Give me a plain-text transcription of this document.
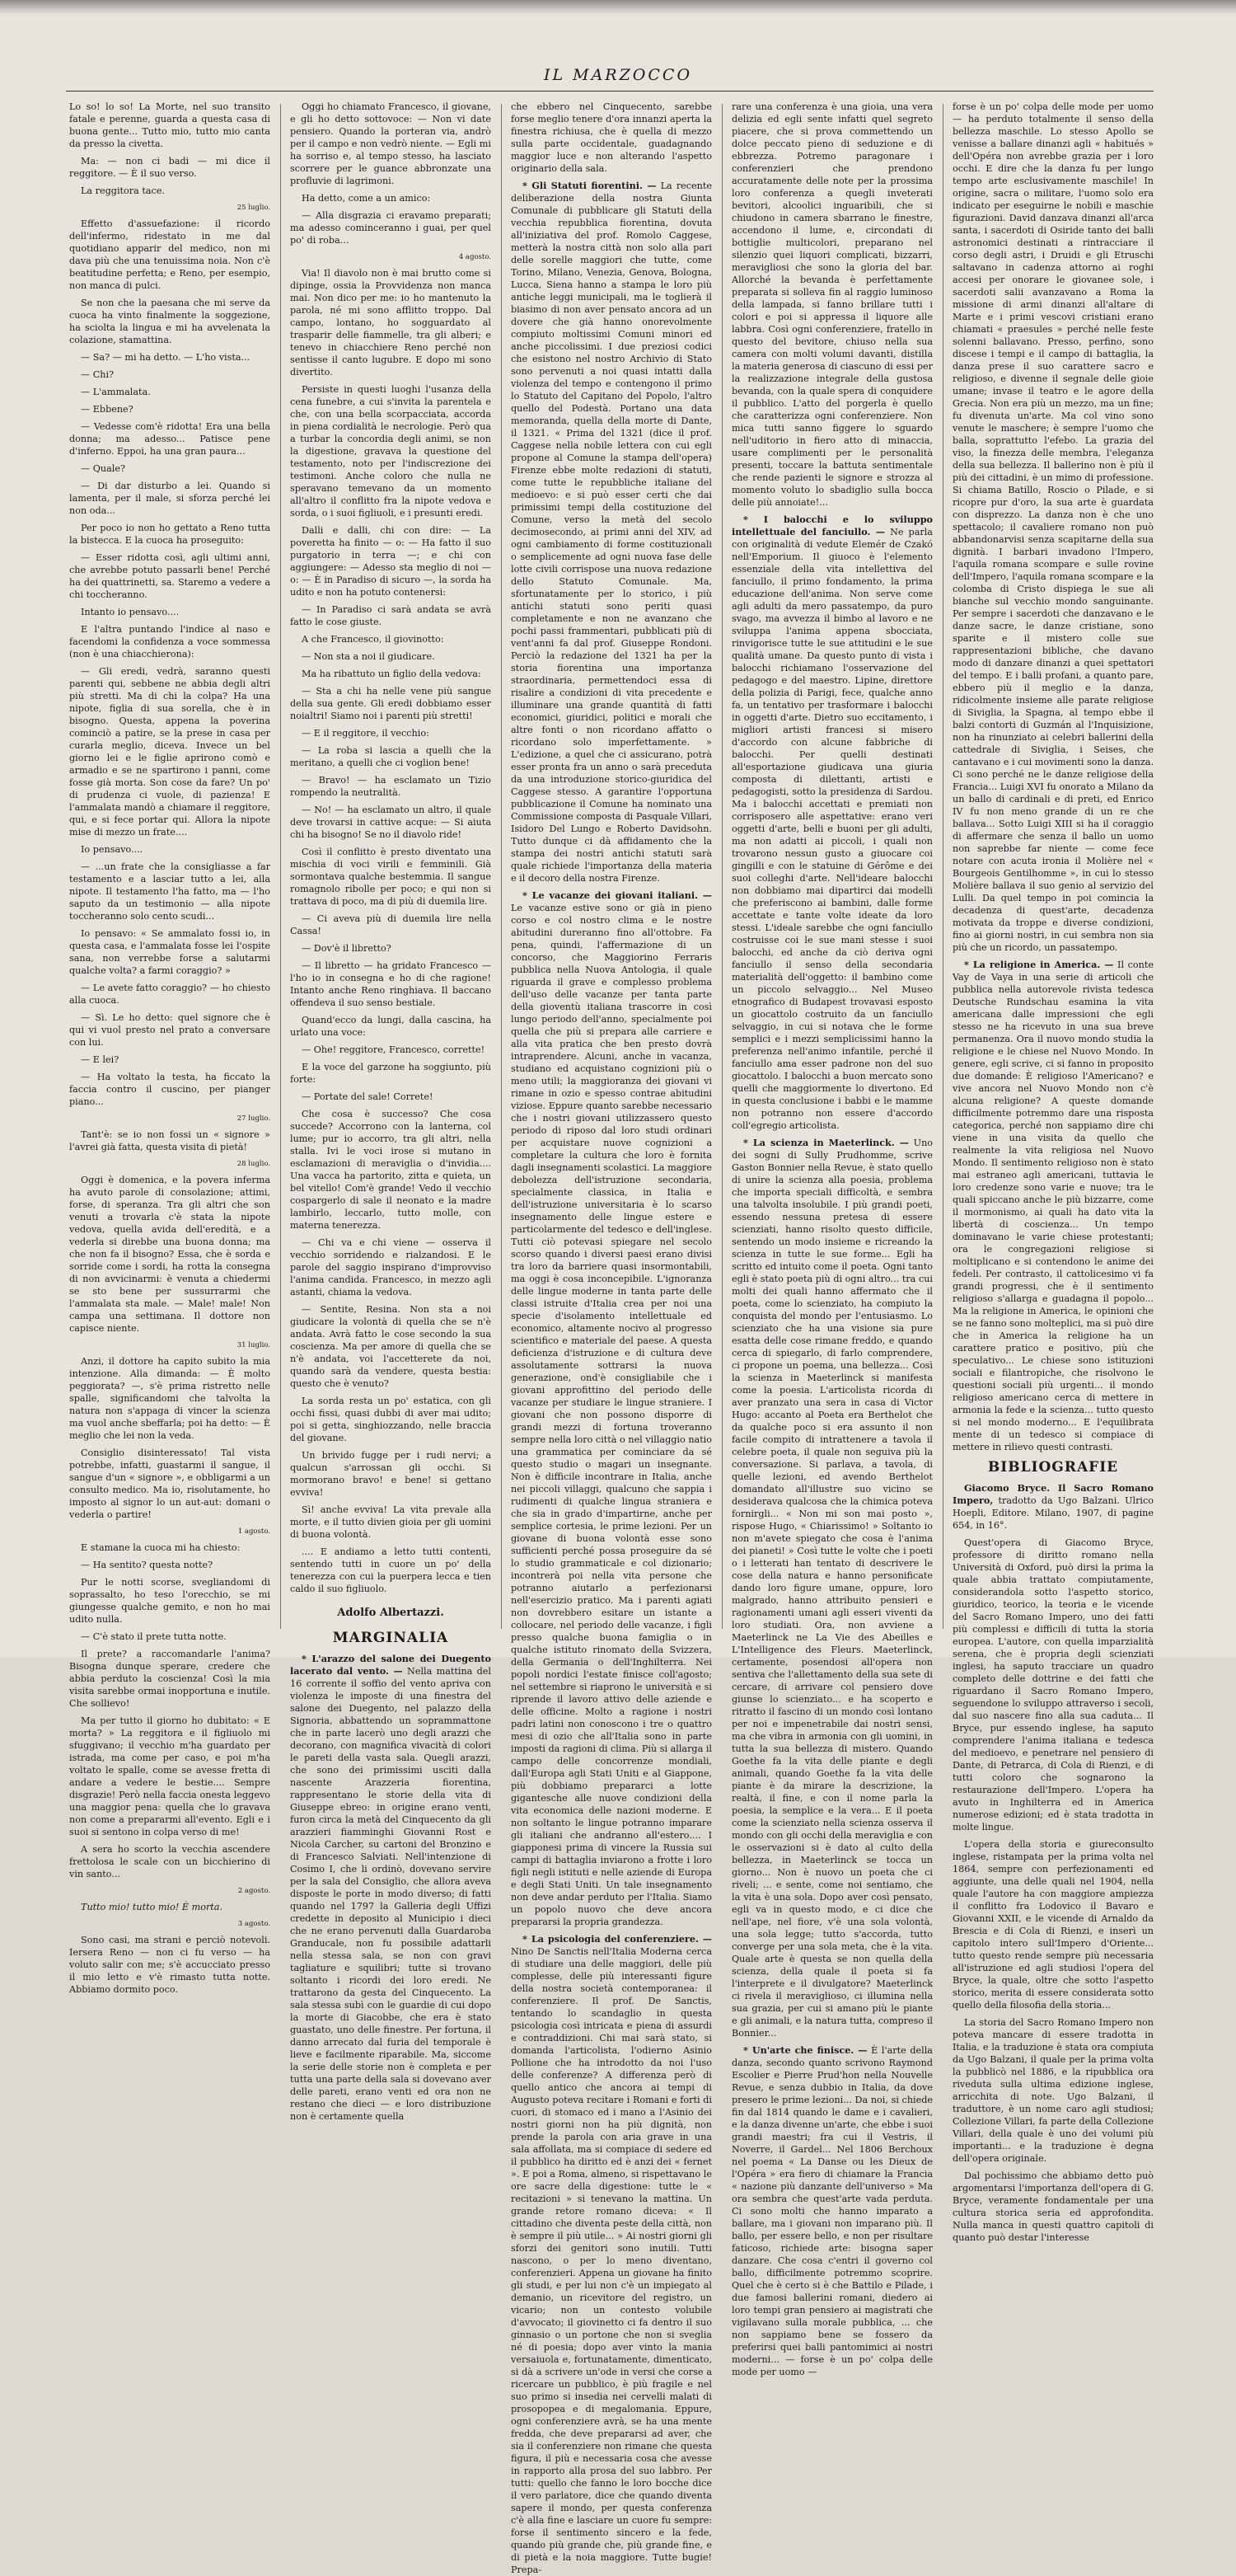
IL MARZOCCO

Lo so! lo so! La Morte, nel suo transito fatale e perenne, guarda a questa casa di buona gente... Tutto mio, tutto mio canta da presso la civetta.

Ma: — non ci badi — mi dice il reggitore. — È il suo verso.

La reggitora tace.

25 luglio.

Effetto d'assuefazione: il ricordo dell'infermo, ridestato in me dal quotidiano apparir del medico, non mi dava più che una tenuissima noia. Non c'è beatitudine perfetta; e Reno, per esempio, non manca di pulci.

Se non che la paesana che mi serve da cuoca ha vinto finalmente la soggezione, ha sciolta la lingua e mi ha avvelenata la colazione, stamattina.

— Sa? — mi ha detto. — L'ho vista...

— Chi?

— L'ammalata.

— Ebbene?

— Vedesse com'è ridotta! Era una bella donna; ma adesso... Patisce pene d'inferno. Eppoi, ha una gran paura...

— Quale?

— Di dar disturbo a lei. Quando si lamenta, per il male, si sforza perché lei non oda...

Per poco io non ho gettato a Reno tutta la bistecca. E la cuoca ha proseguito:

— Esser ridotta così, agli ultimi anni, che avrebbe potuto passarli bene! Perché ha dei quattrinetti, sa. Staremo a vedere a chi toccheranno.

Intanto io pensavo....

E l'altra puntando l'indice al naso e facendomi la confidenza a voce sommessa (non è una chiacchierona):

— Gli eredi, vedrà, saranno questi parenti qui, sebbene ne abbia degli altri più stretti. Ma di chi la colpa? Ha una nipote, figlia di sua sorella, che è in bisogno. Questa, appena la poverina cominciò a patire, se la prese in casa per curarla meglio, diceva. Invece un bel giorno lei e le figlie aprirono comò e armadio e se ne spartirono i panni, come fosse già morta. Son cose da fare? Un po' di prudenza ci vuole, di pazienza! E l'ammalata mandò a chiamare il reggitore, qui, e si fece portar qui. Allora la nipote mise di mezzo un frate....

Io pensavo....

— ...un frate che la consigliasse a far testamento e a lasciar tutto a lei, alla nipote. Il testamento l'ha fatto, ma — l'ho saputo da un testimonio — alla nipote toccheranno solo cento scudi...

Io pensavo: « Se ammalato fossi io, in questa casa, e l'ammalata fosse lei l'ospite sana, non verrebbe forse a salutarmi qualche volta? a farmi coraggio? »

— Le avete fatto coraggio? — ho chiesto alla cuoca.

— Sì. Le ho detto: quel signore che è qui vi vuol presto nel prato a conversare con lui.

— E lei?

— Ha voltato la testa, ha ficcato la faccia contro il cuscino, per pianger piano...

27 luglio.

Tant'è: se io non fossi un « signore » l'avrei già fatta, questa visita di pietà!

28 luglio.

Oggi è domenica, e la povera inferma ha avuto parole di consolazione; attimi, forse, di speranza. Tra gli altri che son venuti a trovarla c'è stata la nipote vedova, quella avida dell'eredità, e a vederla si direbbe una buona donna; ma che non fa il bisogno? Essa, che è sorda e sorride come i sordi, ha rotta la consegna di non avvicinarmi: è venuta a chiedermi se sto bene per sussurrarmi che l'ammalata sta male. — Male! male! Non campa una settimana. Il dottore non capisce niente.

31 luglio.

Anzi, il dottore ha capito subito la mia intenzione. Alla dimanda: — È molto peggiorata? —, s'è prima ristretto nelle spalle, significandomi che talvolta la natura non s'appaga di vincer la scienza ma vuol anche sbeffarla; poi ha detto: — È meglio che lei non la veda.

Consiglio disinteressato! Tal vista potrebbe, infatti, guastarmi il sangue, il sangue d'un « signore », e obbligarmi a un consulto medico. Ma io, risolutamente, ho imposto al signor lo un aut-aut: domani o vederla o partire!

1 agosto.

E stamane la cuoca mi ha chiesto:

— Ha sentito? questa notte?

Pur le notti scorse, svegliandomi di soprassalto, ho teso l'orecchio, se mi giungesse qualche gemito, e non ho mai udito nulla.

— C'è stato il prete tutta notte.

Il prete? a raccomandarle l'anima? Bisogna dunque sperare, credere che abbia perduto la coscienza! Così la mia visita sarebbe ormai inopportuna e inutile. Che sollievo!

Ma per tutto il giorno ho dubitato: « E morta? » La reggitora e il figliuolo mi sfuggivano; il vecchio m'ha guardato per istrada, ma come per caso, e poi m'ha voltato le spalle, come se avesse fretta di andare a vedere le bestie.... Sempre disgrazie! Però nella faccia onesta leggevo una maggior pena: quella che lo gravava non come a prepararmi all'evento. Egli e i suoi si sentono in colpa verso di me!

A sera ho scorto la vecchia ascendere frettolosa le scale con un bicchierino di vin santo...

2 agosto.

Tutto mio! tutto mio! È morta.

3 agosto.

Sono casi, ma strani e perciò notevoli. Iersera Reno — non ci fu verso — ha voluto salir con me; s'è accucciato presso il mio letto e v'è rimasto tutta notte. Abbiamo dormito poco.

Oggi ho chiamato Francesco, il giovane, e gli ho detto sottovoce: — Non vi date pensiero. Quando la porteran via, andrò per il campo e non vedrò niente. — Egli mi ha sorriso e, al tempo stesso, ha lasciato scorrere per le guance abbronzate una profluvie di lagrimoni.

Ha detto, come a un amico:

— Alla disgrazia ci eravamo preparati; ma adesso cominceranno i guai, per quel po' di roba...

4 agosto.

Via! Il diavolo non è mai brutto come si dipinge, ossia la Provvidenza non manca mai. Non dico per me: io ho mantenuto la parola, né mi sono afflitto troppo. Dal campo, lontano, ho sogguardato al trasparir delle fiammelle, tra gli alberi; e tenevo in chiacchiere Reno perché non sentisse il canto lugubre. E dopo mi sono divertito.

Persiste in questi luoghi l'usanza della cena funebre, a cui s'invita la parentela e che, con una bella scorpacciata, accorda in piena cordialità le necrologie. Però qua a turbar la concordia degli animi, se non la digestione, gravava la questione del testamento, noto per l'indiscrezione dei testimoni. Anche coloro che nulla ne speravano temevano da un momento all'altro il conflitto fra la nipote vedova e sorda, o i suoi figliuoli, e i presunti eredi.

Dalli e dalli, chi con dire: — La poveretta ha finito — o: — Ha fatto il suo purgatorio in terra —; e chi con aggiungere: — Adesso sta meglio di noi — o: — È in Paradiso di sicuro —, la sorda ha udito e non ha potuto contenersi:

— In Paradiso ci sarà andata se avrà fatto le cose giuste.

A che Francesco, il giovinotto:

— Non sta a noi il giudicare.

Ma ha ribattuto un figlio della vedova:

— Sta a chi ha nelle vene più sangue della sua gente. Gli eredi dobbiamo esser noialtri! Siamo noi i parenti più stretti!

— E il reggitore, il vecchio:

— La roba si lascia a quelli che la meritano, a quelli che ci voglion bene!

— Bravo! — ha esclamato un Tizio rompendo la neutralità.

— No! — ha esclamato un altro, il quale deve trovarsi in cattive acque: — Si aiuta chi ha bisogno! Se no il diavolo ride!

Così il conflitto è presto diventato una mischia di voci virili e femminili. Già sormontava qualche bestemmia. Il sangue romagnolo ribolle per poco; e qui non si trattava di poco, ma di più di duemila lire.

— Ci aveva più di duemila lire nella Cassa!

— Dov'è il libretto?

— Il libretto — ha gridato Francesco — l'ho io in consegna e ho di che ragione! Intanto anche Reno ringhiava. Il baccano offendeva il suo senso bestiale.

Quand'ecco da lungi, dalla cascina, ha urlato una voce:

— Ohe! reggitore, Francesco, corrette!

E la voce del garzone ha soggiunto, più forte:

— Portate del sale! Correte!

Che cosa è successo? Che cosa succede? Accorrono con la lanterna, col lume; pur io accorro, tra gli altri, nella stalla. Ivi le voci irose si mutano in esclamazioni di meraviglia o d'invidia.... Una vacca ha partorito, zitta e quieta, un bel vitello! Com'è grande! Vedo il vecchio cospargerlo di sale il neonato e la madre lambirlo, leccarlo, tutto molle, con materna tenerezza.

— Chi va e chi viene — osserva il vecchio sorridendo e rialzandosi. E le parole del saggio inspirano d'improvviso l'anima candida. Francesco, in mezzo agli astanti, chiama la vedova.

— Sentite, Resina. Non sta a noi giudicare la volontà di quella che se n'è andata. Avrà fatto le cose secondo la sua coscienza. Ma per amore di quella che se n'è andata, voi l'accetterete da noi, quando sarà da vendere, questa bestia: questo che è venuto?

La sorda resta un po' estatica, con gli occhi fissi, quasi dubbi di aver mai udito; poi si getta, singhiozzando, nelle braccia del giovane.

Un brivido fugge per i rudi nervi; a qualcun s'arrossan gli occhi. Si mormorano bravo! e bene! si gettano evviva!

Sì! anche evviva! La vita prevale alla morte, e il tutto divien gioia per gli uomini di buona volontà.

.... E andiamo a letto tutti contenti, sentendo tutti in cuore un po' della tenerezza con cui la puerpera lecca e tien caldo il suo figliuolo.

Adolfo Albertazzi.
MARGINALIA

* L'arazzo del salone dei Duegento lacerato dal vento. — Nella mattina del 16 corrente il soffio del vento aprivа con violenza le imposte di una finestra del salone dei Duegento, nel palazzo della Signoria, abbattendo un soprammattone che in parte lacerò uno degli arazzi che decorano, con magnifica vivacità di colori le pareti della vasta sala. Quegli arazzi, che sono dei primissimi usciti dalla nascente Arazzeria fiorentina, rappresentano le storie della vita di Giuseppe ebreo: in origine erano venti, furon circa la metà del Cinquecento da gli arazzieri fiamminghi Giovanni Rost e Nicola Carcher, su cartoni del Bronzino e di Francesco Salviati. Nell'intenzione di Cosimo I, che li ordinò, dovevano servire per la sala del Consiglio, che allora aveva disposte le porte in modo diverso; di fatti quando nel 1797 la Galleria degli Uffizi credette in deposito al Municipio i dieci che ne erano pervenuti dalla Guardaroba Granducale, non fu possibile adattarli nella stessa sala, se non con gravi tagliature e squilibri; tutte si trovano soltanto i ricordi dei loro eredi. Ne trattarono da gesta del Cinquecento. La sala stessa subì con le guardie di cui dopo la morte di Giacobbe, che era è stato guastato, uno delle finestre. Per fortuna, il danno arrecato dal furia del temporale è lieve e facilmente riparabile. Ma, siccome la serie delle storie non è completa e per tutta una parte della sala si dovevano aver delle pareti, erano venti ed ora non ne restano che dieci — e loro distribuzione non è certamente quella

che ebbero nel Cinquecento, sarebbe forse meglio tenere d'ora innanzi aperta la finestra richiusa, che è quella di mezzo sulla parte occidentale, guadagnando maggior luce e non alterando l'aspetto originario della sala.

* Gli Statuti fiorentini. — La recente deliberazione della nostra Giunta Comunale di pubblicare gli Statuti della vecchia repubblica fiorentina, dovuta all'iniziativa del prof. Romolo Caggese, metterà la nostra città non solo alla pari delle sorelle maggiori che tutte, come Torino, Milano, Venezia, Genova, Bologna, Lucca, Siena hanno a stampa le loro più antiche leggi municipali, ma le toglierà il biasimo di non aver pensato ancora ad un dovere che già hanno onorevolmente compiuto moltissimi Comuni minori ed anche piccolissimi. I due preziosi codici che esistono nel nostro Archivio di Stato sono pervenuti a noi quasi intatti dalla violenza del tempo e contengono il primo lo Statuto del Capitano del Popolo, l'altro quello del Podestà. Portano una data memoranda, quella della morte di Dante, il 1321. « Prima del 1321 (dice il prof. Caggese nella nobile lettera con cui egli propone al Comune la stampa dell'opera) Firenze ebbe molte redazioni di statuti, come tutte le repubbliche italiane del medioevo: e si può esser certi che dai primissimi tempi della costituzione del Comune, verso la metà del secolo decimosecondo, ai primi anni del XIV, ad ogni cambiamento di forme costituzionali o semplicemente ad ogni nuova fase delle lotte civili corrispose una nuova redazione dello Statuto Comunale. Ma, sfortunatamente per lo storico, i più antichi statuti sono periti quasi completamente e non ne avanzano che pochi passi frammentari, pubblicati più di vent'anni fa dal prof. Giuseppe Rondoni. Perciò la redazione del 1321 ha per la storia fiorentina una importanza straordinaria, permettendoci essa di risalire a condizioni di vita precedente e illuminare una grande quantità di fatti economici, giuridici, politici e morali che altre fonti o non ricordano affatto o ricordano solo imperfettamente. » L'edizione, a quel che ci assicurano, potrà esser pronta fra un anno o sarà preceduta da una introduzione storico-giuridica del Caggese stesso. A garantire l'opportuna pubblicazione il Comune ha nominato una Commissione composta di Pasquale Villari, Isidoro Del Lungo e Roberto Davidsohn. Tutto dunque ci dà affidamento che la stampa dei nostri antichi statuti sarà quale richiede l'importanza della materia e il decoro della nostra Firenze.

* Le vacanze dei giovani italiani. — Le vacanze estive sono or già in pieno corso e col nostro clima e le nostre abitudini dureranno fino all'ottobre. Fa pena, quindi, l'affermazione di un concorso, che Maggiorino Ferraris pubblica nella Nuova Antologia, il quale riguarda il grave e complesso problema dell'uso delle vacanze per tanta parte della gioventù italiana trascorre in così lungo periodo dell'anno, specialmente poi quella che più si prepara alle carriere e alla vita pratica che ben presto dovrà intraprendere. Alcuni, anche in vacanza, studiano ed acquistano cognizioni più o meno utili; la maggioranza dei giovani vi rimane in ozio e spesso contrae abitudini viziose. Eppure quanto sarebbe necessario che i nostri giovani utilizzassero questo periodo di riposo dal loro studi ordinari per acquistare nuove cognizioni a completare la cultura che loro è fornita dagli insegnamenti scolastici. La maggiore debolezza dell'istruzione secondaria, specialmente classica, in Italia e dell'istruzione universitaria è lo scarso insegnamento delle lingue estere e particolarmente del tedesco e dell'inglese. Tutti ciò potevasi spiegare nel secolo scorso quando i diversi paesi erano divisi tra loro da barriere quasi insormontabili, ma oggi è cosa inconcepibile. L'ignoranza delle lingue moderne in tanta parte delle classi istruite d'Italia crea per noi una specie d'isolamento intellettuale ed economico, altamente nocivo al progresso scientifico e materiale del paese. A questa deficienza d'istruzione e di cultura deve assolutamente sottrarsi la nuova generazione, ond'è consigliabile che i giovani approfittino del periodo delle vacanze per studiare le lingue straniere. I giovani che non possono disporre di grandi mezzi di fortuna troveranno sempre nella loro città o nel villaggio natio una grammatica per cominciare da sé questo studio o magari un insegnante. Non è difficile incontrare in Italia, anche nei piccoli villaggi, qualcuno che sappia i rudimenti di qualche lingua straniera e che sia in grado d'impartirne, anche per semplice cortesia, le prime lezioni. Per un giovane di buona volontà esse sono sufficienti perché possa proseguire da sé lo studio grammaticale e col dizionario; incontrerà poi nella vita persone che potranno aiutarlo a perfezionarsi nell'esercizio pratico. Ma i parenti agiati non dovrebbero esitare un istante a collocare, nel periodo delle vacanze, i figli presso qualche buona famiglia o in qualche istituto rinomato della Svizzera, della Germania o dell'Inghilterra. Nei popoli nordici l'estate finisce coll'agosto; nel settembre si riaprono le università e si riprende il lavoro attivo delle aziende e delle officine. Molto a ragione i nostri padri latini non conoscono i tre o quattro mesi di ozio che all'Italia sono in parte imposti da ragioni di clima. Più si allarga il campo delle concorrenze mondiali, dall'Europa agli Stati Uniti e al Giappone, più dobbiamo prepararci a lotte gigantesche alle nuove condizioni della vita economica delle nazioni moderne. E non soltanto le lingue potranno imparare gli italiani che andranno all'estero.... I giapponesi prima di vincere la Russia sui campi di battaglia inviarono a frotte i loro figli negli istituti e nelle aziende di Europa e degli Stati Uniti. Un tale insegnamento non deve andar perduto per l'Italia. Siamo un popolo nuovo che deve ancora prepararsi la propria grandezza.

* La psicologia del conferenziere. — Nino De Sanctis nell'Italia Moderna cerca di studiare una delle maggiori, delle più complesse, delle più interessanti figure della nostra società contemporanea: il conferenziere. Il prof. De Sanctis, tentando lo scandaglio in questa psicologia così intricata e piena di assurdi e contraddizioni. Chi mai sarà stato, si domanda l'articolista, l'odierno Asinio Pollione che ha introdotto da noi l'uso delle conferenze? A differenza però di quello antico che ancora ai tempi di Augusto poteva recitare i Romani e forti di cuori, di stomaco ed i mano a l'Asinio dei nostri giorni non ha più dignità, non prende la parola con aria grave in una sala affollata, ma si compiace di sedere ed il pubblico ha diritto ed è anzi dei « fernet ». E poi a Roma, almeno, si rispettavano le ore sacre della digestione: tutte le « recitazioni » si tenevano la mattina. Un grande retore romano diceva: « Il cittadino che diventa peste della città, non è sempre il più utile... » Ai nostri giorni gli sforzi dei genitori sono inutili. Tutti nascono, o per lo meno diventano, conferenzieri. Appena un giovane ha finito gli studi, e per lui non c'è un impiegato al demanio, un ricevitore del registro, un vicario; non un contesto volubile d'avvocato; il giovinetto ci fa dentro il suo ginnasio o un portone che non si sveglia né di poesia; dopo aver vinto la mania versaiuola e, fortunatamente, dimenticato, si dà a scrivere un'ode in versi che corse a ricercare un pubblico, è più fragile e nel suo primo si insedia nei cervelli malati di prosopopea e di megalomania. Eppure, ogni conferenziere avrà, se ha una mente fredda, che deve prepararsi ad aver, che sia il conferenziere non rimane che questa figura, il più e necessaria cosa che avesse in rapporto alla prosa del suo labbro. Per tutti: quello che fanno le loro bocche dice il vero parlatore, dice che quando diventa sapere il mondo, per questa conferenza c'è alla fine e lasciare un cuore fu sempre: forse il sentimento sincero e la fede, quando più grande che, più grande fine, e di pietà e la noia maggiore. Tutte bugie! Prepa-

rare una conferenza è una gioia, una vera delizia ed egli sente infatti quel segreto piacere, che si prova commettendo un dolce peccato pieno di seduzione e di ebbrezza. Potremo paragonare i conferenzieri che prendono accuratamente delle note per la prossima loro conferenza a quegli inveterati bevitori, alcoolici inguaribili, che si chiudono in camera sbarrano le finestre, accendono il lume, e, circondati di bottiglie multicolori, preparano nel silenzio quei liquori complicati, bizzarri, meravigliosi che sono la gloria del bar. Allorché la bevanda è perfettamente preparata si solleva fin al raggio luminoso della lampada, si fanno brillare tutti i colori e poi si appressa il liquore alle labbra. Così ogni conferenziere, fratello in questo del bevitore, chiuso nella sua camera con molti volumi davanti, distilla la materia generosa di ciascuno di essi per la realizzazione integrale della gustosa bevanda, con la quale spera di conquidere il pubblico. L'atto del porgerla è quello che caratterizza ogni conferenziere. Non mica tutti sanno figgere lo sguardo nell'uditorio in fiero atto di minaccia, usare complimenti per le personalità presenti, toccare la battuta sentimentale che rende pazienti le signore e strozza al momento voluto lo sbadiglio sulla bocca delle più annoiate!...

* I balocchi e lo sviluppo intellettuale del fanciullo. — Ne parla con originalità di vedute Elemér de Czakó nell'Emporium. Il giuoco è l'elemento essenziale della vita intellettiva del fanciullo, il primo fondamento, la prima educazione dell'anima. Non serve come agli adulti da mero passatempo, da puro svago, ma avvezza il bimbo al lavoro e ne sviluppa l'anima appena sbocciata, rinvigorisce tutte le sue attitudini e le sue qualità umane. Da questo punto di vista i balocchi richiamano l'osservazione del pedagogo e del maestro. Lipine, direttore della polizia di Parigi, fece, qualche anno fa, un tentativo per trasformare i balocchi in oggetti d'arte. Dietro suo eccitamento, i migliori artisti francesi si misero d'accordo con alcune fabbriche di balocchi. Per quelli destinati all'esportazione giudicava una giuria composta di dilettanti, artisti e pedagogisti, sotto la presidenza di Sardou. Ma i balocchi accettati e premiati non corrisposero alle aspettative: erano veri oggetti d'arte, belli e buoni per gli adulti, ma non adatti ai piccoli, i quali non trovarono nessun gusto a giuocare coi gingilli e con le statuine di Gérôme e dei suoi colleghi d'arte. Nell'ideare balocchi non dobbiamo mai dipartirci dai modelli che preferiscono ai bambini, dalle forme accettate e tante volte ideate da loro stessi. L'ideale sarebbe che ogni fanciullo costruisse coi le sue mani stesse i suoi balocchi, ed anche da ciò deriva ogni fanciullo il senso della secondaria materialità dell'oggetto: il bambino come un piccolo selvaggio... Nel Museo etnografico di Budapest trovavasi esposto un giocattolo costruito da un fanciullo selvaggio, in cui si notava che le forme semplici e i mezzi semplicissimi hanno la preferenza nell'animo infantile, perché il fanciullo ama esser padrone non del suo giocattolo. I balocchi a buon mercato sono quelli che maggiormente lo divertono. Ed in questa conclusione i babbi e le mamme non potranno non essere d'accordo coll'egregio articolista.

* La scienza in Maeterlinck. — Uno dei sogni di Sully Prudhomme, scrive Gaston Bonnier nella Revue, è stato quello di unire la scienza alla poesia, problema che importa speciali difficoltà, e sembra una talvolta insolubile. I più grandi poeti, essendo nessuna pretesa di essere scienziati, hanno risolto questo difficile, sentendo un modo insieme e ricreando la scienza in tutte le sue forme... Egli ha scritto ed intuito come il poeta. Ogni tanto egli è stato poeta più di ogni altro... tra cui molti dei quali hanno affermato che il poeta, come lo scienziato, ha compiuto la conquista del mondo per l'entusiasmo. Lo scienziato che ha una visione sia pure esatta delle cose rimane freddo, e quando cerca di spiegarlo, di farlo comprendere, ci propone un poema, una bellezza... Così la scienza in Maeterlinck si manifesta come la poesia. L'articolista ricorda di aver pranzato una sera in casa di Victor Hugo: accanto al Poeta era Berthelot che da qualche poco si era assunto il non facile compito di intrattenere a tavola il celebre poeta, il quale non seguiva più la conversazione. Si parlava, a tavola, di quelle lezioni, ed avendo Berthelot domandato all'illustre suo vicino se desiderava qualcosa che la chimica poteva fornirgli... « Non mi son mai posto », rispose Hugo, « Chiarissimo! » Soltanto io non m'avete spiegato che cosa è l'anima dei pianeti! » Così tutte le volte che i poeti o i letterati han tentato di descrivere le cose della natura e hanno personificate dando loro figure umane, oppure, loro malgrado, hanno attribuito pensieri e ragionamenti umani agli esseri viventi da loro studiati. Ora, non avviene a Maeterlinck ne La Vie des Abeilles e L'Intelligence des Fleurs. Maeterlinck, certamente, posendosi all'opera non sentiva che l'allettamento della sua sete di cercare, di arrivare col pensiero dove giunse lo scienziato... e ha scoperto e ritratto il fascino di un mondo così lontano per noi e impenetrabile dai nostri sensi, ma che vibra in armonia con gli uomini, in tutta la sua bellezza di mistero. Quando Goethe fa la vita delle piante e degli animali, quando Goethe fa la vita delle piante è da mirare la descrizione, la realtà, il fine, e con il nome parla la poesia, la semplice e la vera... E il poeta come la scienziato nella scienza osserva il mondo con gli occhi della meraviglia e con le osservazioni si è dato al culto della bellezza, in Maeterlinck se tocca un giorno... Non è nuovo un poeta che ci riveli; ... e sente, come noi sentiamo, che la vita è una sola. Dopo aver così pensato, egli va in questo modo, e ci dice che nell'ape, nel fiore, v'è una sola volontà, una sola legge; tutto s'accorda, tutto converge per una sola meta, che è la vita. Quale arte è questa se non quella della scienza, della quale il poeta si fa l'interprete e il divulgatore? Maeterlinck ci rivela il meraviglioso, ci illumina nella sua grazia, per cui si amano più le piante e gli animali, e la natura tutta, compreso il Bonnier...

* Un'arte che finisce. — È l'arte della danza, secondo quanto scrivono Raymond Escolier e Pierre Prud'hon nella Nouvelle Revue, e senza dubbio in Italia, da dove presero le prime lezioni... Da noi, si chiede fin dal 1814 quando le dame e i cavalieri, e la danza divenne un'arte, che ebbe i suoi grandi maestri; fra cui il Vestris, il Noverre, il Gardel... Nel 1806 Berchoux nel poema « La Danse ou les Dieux de l'Opéra » era fiero di chiamare la Francia « nazione più danzante dell'universo » Ma ora sembra che quest'arte vada perduta. Ci sono molti che hanno imparato a ballare, ma i giovani non imparano più. Il ballo, per essere bello, e non per risultare faticoso, richiede arte: bisogna saper danzare. Che cosa c'entri il governo col ballo, difficilmente potremmo scoprire. Quel che è certo si è che Battilo e Pilade, i due famosi ballerini romani, diedero ai loro tempi gran pensiero ai magistrati che vigilavano sulla morale pubblica, ... che non sappiamo bene se fossero da preferirsi quei balli pantomimici ai nostri moderni... — forse è un po' colpa delle mode per uomo —

forse è un po' colpa delle mode per uomo — ha perduto totalmente il senso della bellezza maschile. Lo stesso Apollo se venisse a ballare dinanzi agli « habitués » dell'Opéra non avrebbe grazia per i loro occhi. E dire che la danza fu per lungo tempo arte esclusivamente maschile! In origine, sacra o militare, l'uomo solo era indicato per eseguirne le nobili e maschie figurazioni. David danzava dinanzi all'arca santa, i sacerdoti di Osiride tanto dei balli astronomici destinati a rintracciare il corso degli astri, i Druidi e gli Etruschi saltavano in cadenza attorno ai roghi accesi per onorare le giovanee sole, i sacerdoti salii avanzavano a Roma la missione di armi dinanzi all'altare di Marte e i primi vescovi cristiani erano chiamati « praesules » perché nelle feste solenni ballavano. Presso, perfino, sono discese i tempi e il campo di battaglia, la danza prese il suo carattere sacro e religioso, e divenne il segnale delle gioie umane; invase il teatro e le agore della Grecia. Non era più un mezzo, ma un fine; fu divenuta un'arte. Ma col vino sono venute le maschere; è sempre l'uomo che balla, soprattutto l'efebo. La grazia del viso, la finezza delle membra, l'eleganza della sua bellezza. Il ballerino non è più il più dei cittadini, è un mimo di professione. Si chiama Batillo, Roscio o Pilade, e si ricopre pur d'oro, la sua arte è guardata con disprezzo. La danza non è che uno spettacolo; il cavaliere romano non può abbandonarvisi senza scapitarne della sua dignità. I barbari invadono l'Impero, l'aquila romana scompare e sulle rovine dell'Impero, l'aquila romana scompare e la colomba di Cristo dispiega le sue ali bianche sul vecchio mondo sanguinante. Per sempre i sacerdoti che danzavano e le danze sacre, le danze cristiane, sono sparite e il mistero colle sue rappresentazioni bibliche, che davano modo di danzare dinanzi a quei spettatori del tempo. E i balli profani, a quanto pare, ebbero più il meglio e la danza, ridicolmente insieme alle parate religiose di Siviglia, la Spagna, al tempo ebbe il balzi contorti di Guzmán al l'Inquisizione, non ha rinunziato ai celebri ballerini della cattedrale di Siviglia, i Seises, che cantavano e i cui movimenti sono la danza. Ci sono perché ne le danze religiose della Francia... Luigi XVI fu onorato a Milano da un ballo di cardinali e di preti, ed Enrico IV fu non meno grande di un re che ballava... Sotto Luigi XIII si ha il coraggio di affermare che senza il ballo un uomo non saprebbe far niente — come fece notare con acuta ironia il Molière nel « Bourgeois Gentilhomme », in cui lo stesso Molière ballava il suo genio al servizio del Lulli. Da quel tempo in poi comincia la decadenza di quest'arte, decadenza motivata da troppe e diverse condizioni, fino ai giorni nostri, in cui sembra non sia più che un ricordo, un passatempo.

* La religione in America. — Il conte Vay de Vaya in una serie di articoli che pubblica nella autorevole rivista tedesca Deutsche Rundschau esamina la vita americana dalle impressioni che egli stesso ne ha ricevuto in una sua breve permanenza. Ora il nuovo mondo studia la religione e le chiese nel Nuovo Mondo. In genere, egli scrive, ci si fanno in proposito due domande: È religioso l'Americano? e vive ancora nel Nuovo Mondo non c'è alcuna religione? A queste domande difficilmente potremmo dare una risposta categorica, perché non sappiamo dire chi viene in una visita da quello che realmente la vita religiosa nel Nuovo Mondo. Il sentimento religioso non è stato mai estraneo agli americani, tuttavia le loro credenze sono varie e nuove; tra le quali spiccano anche le più bizzarre, come il mormonismo, ai quali ha dato vita la libertà di coscienza... Un tempo dominavano le varie chiese protestanti; ora le congregazioni religiose si moltiplicano e si contendono le anime dei fedeli. Per contrasto, il cattolicesimo vi fa grandi progressi, che è il sentimento religioso s'allarga e guadagna il popolo... Ma la religione in America, le opinioni che se ne fanno sono molteplici, ma si può dire che in America la religione ha un carattere pratico e positivo, più che speculativo... Le chiese sono istituzioni sociali e filantropiche, che risolvono le questioni sociali più urgenti... il mondo religioso americano cerca di mettere in armonia la fede e la scienza... tutto questo si nel mondo moderno... E l'equilibrata mente di un tedesco si compiace di mettere in rilievo questi contrasti.

BIBLIOGRAFIE

Giacomo Bryce. Il Sacro Romano Impero, tradotto da Ugo Balzani. Ulrico Hoepli, Editore. Milano, 1907, di pagine 654, in 16°.

Quest'opera di Giacomo Bryce, professore di diritto romano nella Università di Oxford, può dirsi la prima la quale abbia trattato compiutamente, considerandola sotto l'aspetto storico, giuridico, teorico, la teoria e le vicende del Sacro Romano Impero, uno dei fatti più complessi e difficili di tutta la storia europea. L'autore, con quella imparzialità serena, che è propria degli scienziati inglesi, ha saputo tracciare un quadro completo delle dottrine e dei fatti che riguardano il Sacro Romano Impero, seguendone lo sviluppo attraverso i secoli, dal suo nascere fino alla sua caduta... Il Bryce, pur essendo inglese, ha saputo comprendere l'anima italiana e tedesca del medioevo, e penetrare nel pensiero di Dante, di Petrarca, di Cola di Rienzi, e di tutti coloro che sognarono la restaurazione dell'Impero. L'opera ha avuto in Inghilterra ed in America numerose edizioni; ed è stata tradotta in molte lingue.

L'opera della storia e giureconsulto inglese, ristampata per la prima volta nel 1864, sempre con perfezionamenti ed aggiunte, una delle quali nel 1904, nella quale l'autore ha con maggiore ampiezza il conflitto fra Lodovico il Bavaro e Giovanni XXII, e le vicende di Arnaldo da Brescia e di Cola di Rienzi, e inserì un capitolo intero sull'Impero d'Oriente... tutto questo rende sempre più necessaria all'istruzione ed agli studiosi l'opera del Bryce, la quale, oltre che sotto l'aspetto storico, merita di essere considerata sotto quello della filosofia della storia...

La storia del Sacro Romano Impero non poteva mancare di essere tradotta in Italia, e la traduzione è stata ora compiuta da Ugo Balzani, il quale per la prima volta la pubblicò nel 1886, e la ripubblica ora riveduta sulla ultima edizione inglese, arricchita di note. Ugo Balzani, il traduttore, è un nome caro agli studiosi; Collezione Villari, fa parte della Collezione Villari, della quale è uno dei volumi più importanti... e la traduzione è degna dell'opera originale.

Dal pochissimo che abbiamo detto può argomentarsi l'importanza dell'opera di G. Bryce, veramente fondamentale per una cultura storica seria ed approfondita. Nulla manca in questi quattro capitoli di quanto può destar l'interesse
